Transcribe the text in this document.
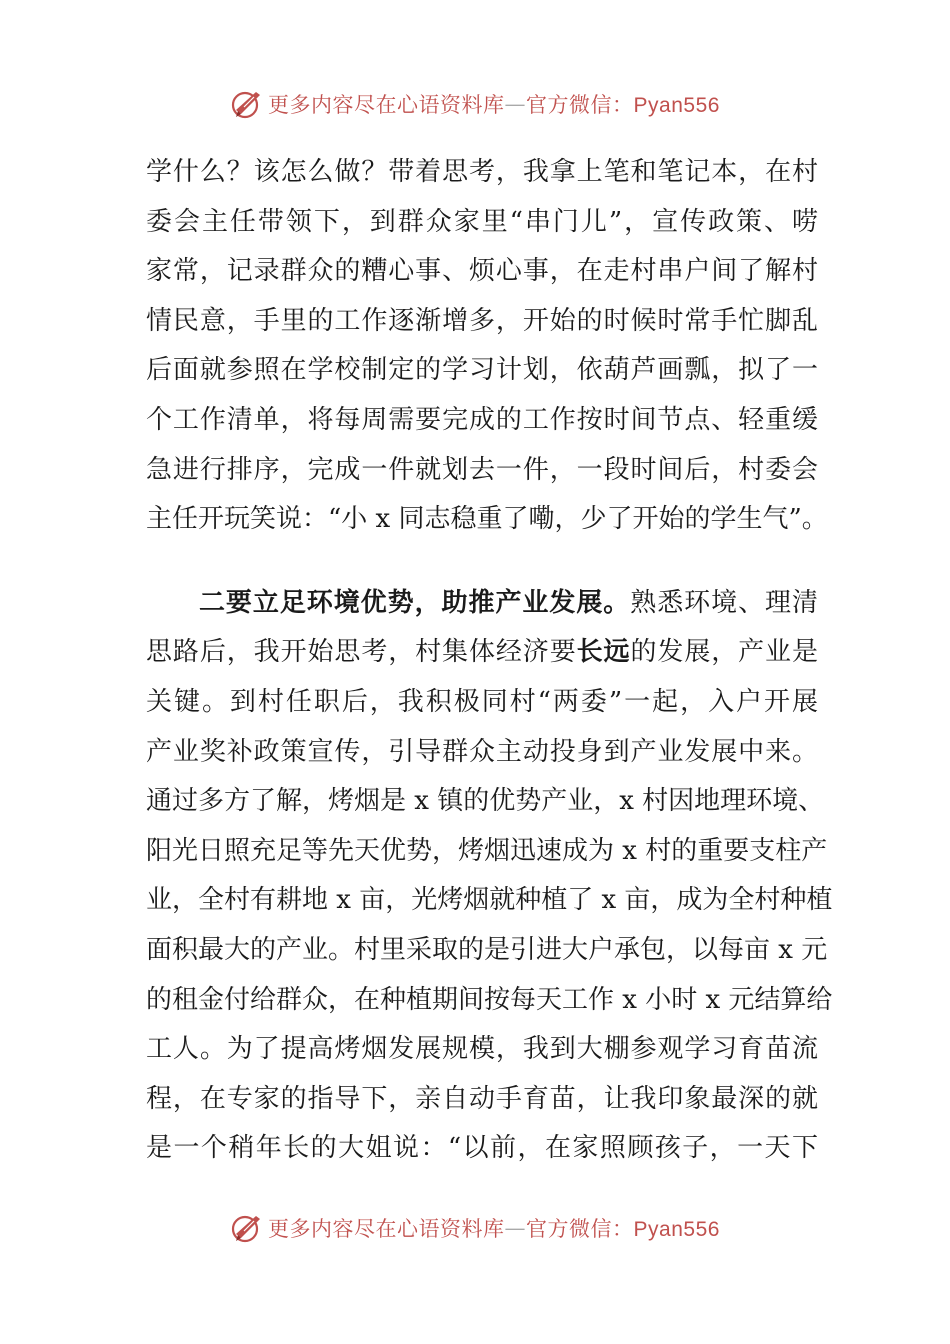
更多内容尽在心语资料库 — 官方微信：Pyan556
学什么？该怎么做？带着思考，我拿上笔和笔记本，在村
委会主任带领下，到群众家里“串门儿”，宣传政策、唠
家常，记录群众的糟心事、烦心事，在走村串户间了解村
情民意，手里的工作逐渐增多，开始的时候时常手忙脚乱
后面就参照在学校制定的学习计划，依葫芦画瓢，拟了一
个工作清单，将每周需要完成的工作按时间节点、轻重缓
急进行排序，完成一件就划去一件，一段时间后，村委会
主任开玩笑说：“小 x 同志稳重了嘞，少了开始的学生气”。
二要立足环境优势，助推产业发展。熟悉环境、理清
思路后，我开始思考，村集体经济要长远的发展，产业是
关键。到村任职后，我积极同村“两委”一起，入户开展
产业奖补政策宣传，引导群众主动投身到产业发展中来。
通过多方了解，烤烟是 x 镇的优势产业，x 村因地理环境、
阳光日照充足等先天优势，烤烟迅速成为 x 村的重要支柱产
业，全村有耕地 x 亩，光烤烟就种植了 x 亩，成为全村种植
面积最大的产业。村里采取的是引进大户承包，以每亩 x 元
的租金付给群众，在种植期间按每天工作 x 小时 x 元结算给
工人。为了提高烤烟发展规模，我到大棚参观学习育苗流
程，在专家的指导下，亲自动手育苗，让我印象最深的就
是一个稍年长的大姐说：“以前，在家照顾孩子，一天下
更多内容尽在心语资料库 — 官方微信：Pyan556
